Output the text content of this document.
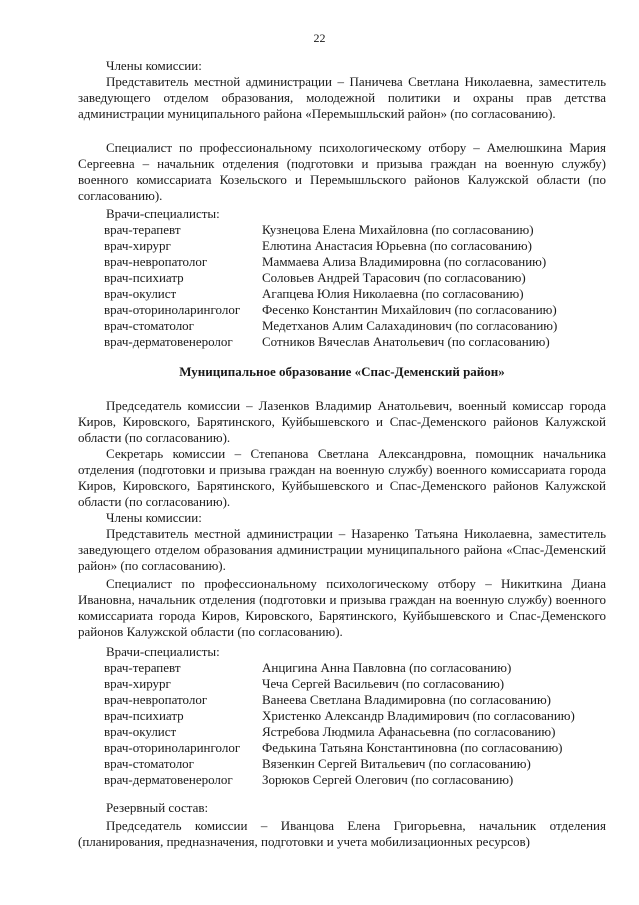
22

Члены комиссии:

Представитель местной администрации – Паничева Светлана Николаевна, заместитель заведующего отделом образования, молодежной политики и охраны прав детства администрации муниципального района «Перемышльский район» (по согласованию).

Специалист по профессиональному психологическому отбору – Амелюшкина Мария Сергеевна – начальник отделения (подготовки и призыва граждан на военную службу) военного комиссариата Козельского и Перемышльского районов Калужской области (по согласованию).

Врачи-специалисты:

врач-терапевт	Кузнецова Елена Михайловна (по согласованию)
врач-хирург	Елютина Анастасия Юрьевна (по согласованию)
врач-невропатолог	Маммаева Ализа Владимировна (по согласованию)
врач-психиатр	Соловьев Андрей Тарасович (по согласованию)
врач-окулист	Агапцева Юлия Николаевна (по согласованию)
врач-оториноларинголог	Фесенко Константин Михайлович (по согласованию)
врач-стоматолог	Медетханов Алим Салахадинович (по согласованию)
врач-дерматовенеролог	Сотников Вячеслав Анатольевич (по согласованию)

Муниципальное образование «Спас-Деменский район»

Председатель комиссии – Лазенков Владимир Анатольевич, военный комиссар города Киров, Кировского, Барятинского, Куйбышевского и Спас-Деменского районов Калужской области (по согласованию).

Секретарь комиссии – Степанова Светлана Александровна, помощник начальника отделения (подготовки и призыва граждан на военную службу) военного комиссариата города Киров, Кировского, Барятинского, Куйбышевского и Спас-Деменского районов Калужской области (по согласованию).

Члены комиссии:

Представитель местной администрации – Назаренко Татьяна Николаевна, заместитель заведующего отделом образования администрации муниципального района «Спас-Деменский район» (по согласованию).

Специалист по профессиональному психологическому отбору – Никиткина Диана Ивановна, начальник отделения (подготовки и призыва граждан на военную службу) военного комиссариата города Киров, Кировского, Барятинского, Куйбышевского и Спас-Деменского районов Калужской области (по согласованию).

Врачи-специалисты:

врач-терапевт	Анцигина Анна Павловна (по согласованию)
врач-хирург	Чеча Сергей Васильевич (по согласованию)
врач-невропатолог	Ванеева Светлана Владимировна (по согласованию)
врач-психиатр	Христенко Александр Владимирович (по согласованию)
врач-окулист	Ястребова Людмила Афанасьевна (по согласованию)
врач-оториноларинголог	Федькина Татьяна Константиновна (по согласованию)
врач-стоматолог	Вязенкин Сергей Витальевич (по согласованию)
врач-дерматовенеролог	Зорюков Сергей Олегович (по согласованию)

Резервный состав:

Председатель комиссии – Иванцова Елена Григорьевна, начальник отделения (планирования, предназначения, подготовки и учета мобилизационных ресурсов)
